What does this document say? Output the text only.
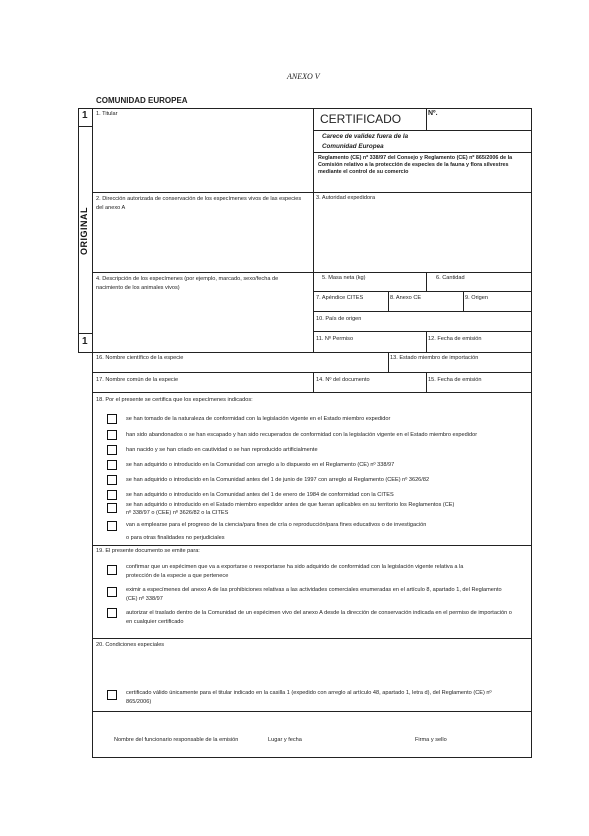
ANEXO V
COMUNIDAD EUROPEA
1
1
ORIGINAL
1. Titular	CERTIFICADO	Nº.
Carece de validez fuera de la
Comunidad Europea
Reglamento (CE) nº 338/97 del Consejo y Reglamento (CE) nº 865/2006 de la Comisión relativo a la protección de especies de la fauna y flora silvestres mediante el control de su comercio
2. Dirección autorizada de conservación de los especímenes vivos de las especies del anexo A
3. Autoridad expedidora
4. Descripción de los especímenes (por ejemplo, marcado, sexo/fecha de nacimiento de los animales vivos)
5. Masa neta (kg)	6. Cantidad
7. Apéndice CITES	8. Anexo CE	9. Origen
10. País de origen
11. Nº Permiso	12. Fecha de emisión
16. Nombre científico de la especie	13. Estado miembro de importación
17. Nombre común de la especie	14. Nº del documento	15. Fecha de emisión
18. Por el presente se certifica que los especímenes indicados:
se han tomado de la naturaleza de conformidad con la legislación vigente en el Estado miembro expedidor
han sido abandonados o se han escapado y han sido recuperados de conformidad con la legislación vigente en el Estado miembro expedidor
han nacido y se han criado en cautividad o se han reproducido artificialmente
se han adquirido o introducido en la Comunidad con arreglo a lo dispuesto en el Reglamento (CE) nº 338/97
se han adquirido o introducido en la Comunidad antes del 1 de junio de 1997 con arreglo al Reglamento (CEE) nº 3626/82
se han adquirido o introducido en la Comunidad antes del 1 de enero de 1984 de conformidad con la CITES
se han adquirido o introducido en el Estado miembro expedidor antes de que fueran aplicables en su territorio los Reglamentos (CE) nº 338/97 o (CEE) nº 3626/82 o la CITES
van a emplearse para el progreso de la ciencia/para fines de cría o reproducción/para fines educativos o de investigación
o para otras finalidades no perjudiciales
19. El presente documento se emite para:
confirmar que un espécimen que va a exportarse o reexportarse ha sido adquirido de conformidad con la legislación vigente relativa a la protección de la especie a que pertenece
eximir a especímenes del anexo A de las prohibiciones relativas a las actividades comerciales enumeradas en el artículo 8, apartado 1, del Reglamento (CE) nº 338/97
autorizar el traslado dentro de la Comunidad de un espécimen vivo del anexo A desde la dirección de conservación indicada en el permiso de importación o en cualquier certificado
20. Condiciones especiales
certificado válido únicamente para el titular indicado en la casilla 1 (expedido con arreglo al artículo 48, apartado 1, letra d), del Reglamento (CE) nº 865/2006)
Nombre del funcionario responsable de la emisión	Lugar y fecha	Firma y sello
